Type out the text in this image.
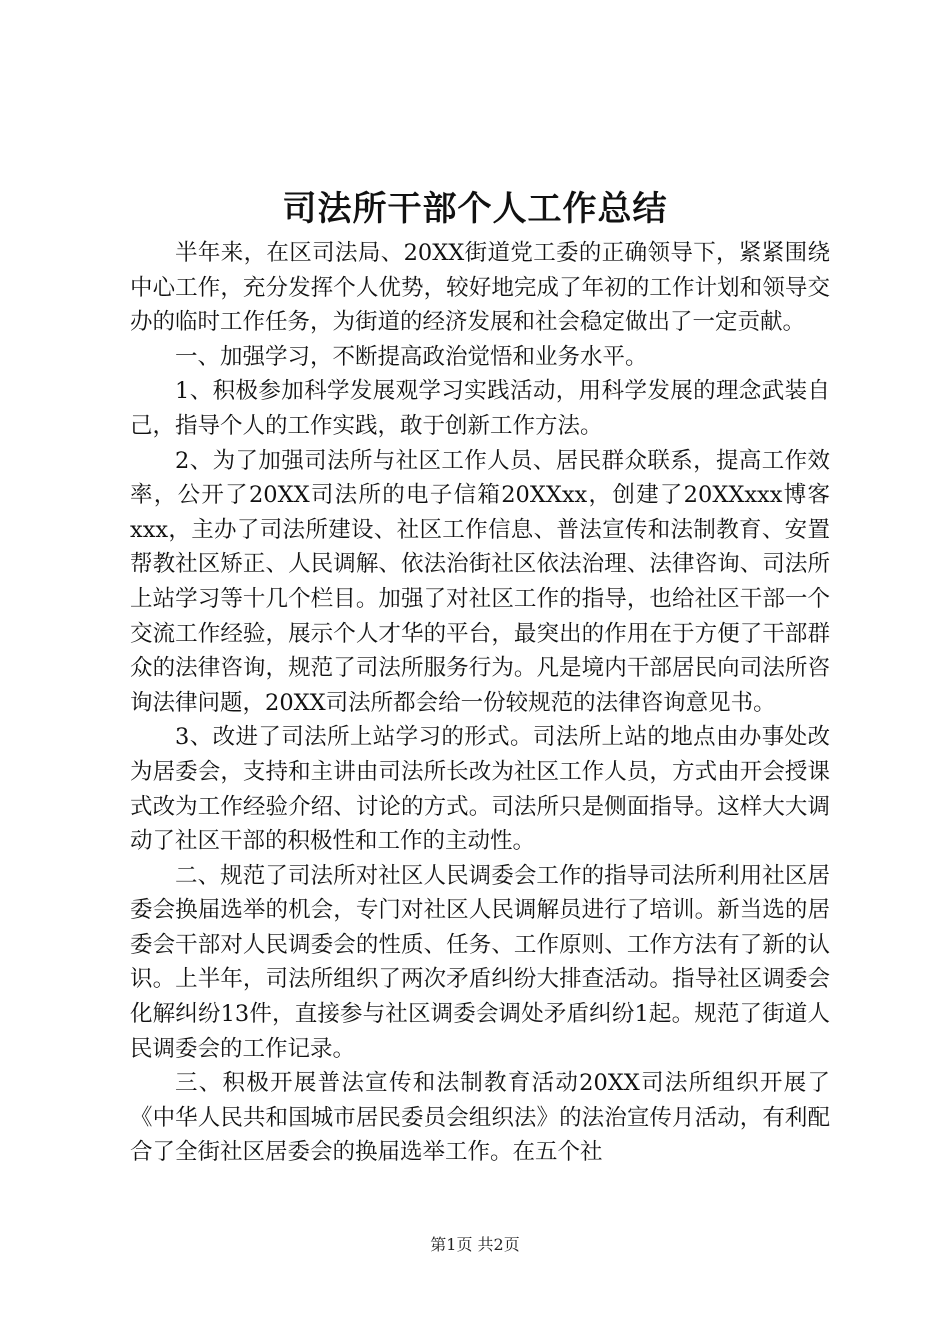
司法所干部个人工作总结

半年来，在区司法局、20XX街道党工委的正确领导下，紧紧围绕中心工作，充分发挥个人优势，较好地完成了年初的工作计划和领导交办的临时工作任务，为街道的经济发展和社会稳定做出了一定贡献。

一、加强学习，不断提高政治觉悟和业务水平。

1、积极参加科学发展观学习实践活动，用科学发展的理念武装自己，指导个人的工作实践，敢于创新工作方法。

2、为了加强司法所与社区工作人员、居民群众联系，提高工作效率，公开了20XX司法所的电子信箱20XXxx，创建了20XXxxx博客xxx，主办了司法所建设、社区工作信息、普法宣传和法制教育、安置帮教社区矫正、人民调解、依法治街社区依法治理、法律咨询、司法所上站学习等十几个栏目。加强了对社区工作的指导，也给社区干部一个交流工作经验，展示个人才华的平台，最突出的作用在于方便了干部群众的法律咨询，规范了司法所服务行为。凡是境内干部居民向司法所咨询法律问题，20XX司法所都会给一份较规范的法律咨询意见书。

3、改进了司法所上站学习的形式。司法所上站的地点由办事处改为居委会，支持和主讲由司法所长改为社区工作人员，方式由开会授课式改为工作经验介绍、讨论的方式。司法所只是侧面指导。这样大大调动了社区干部的积极性和工作的主动性。

二、规范了司法所对社区人民调委会工作的指导司法所利用社区居委会换届选举的机会，专门对社区人民调解员进行了培训。新当选的居委会干部对人民调委会的性质、任务、工作原则、工作方法有了新的认识。上半年，司法所组织了两次矛盾纠纷大排查活动。指导社区调委会化解纠纷13件，直接参与社区调委会调处矛盾纠纷1起。规范了街道人民调委会的工作记录。

三、积极开展普法宣传和法制教育活动20XX司法所组织开展了《中华人民共和国城市居民委员会组织法》的法治宣传月活动，有利配合了全街社区居委会的换届选举工作。在五个社

第1页 共2页
